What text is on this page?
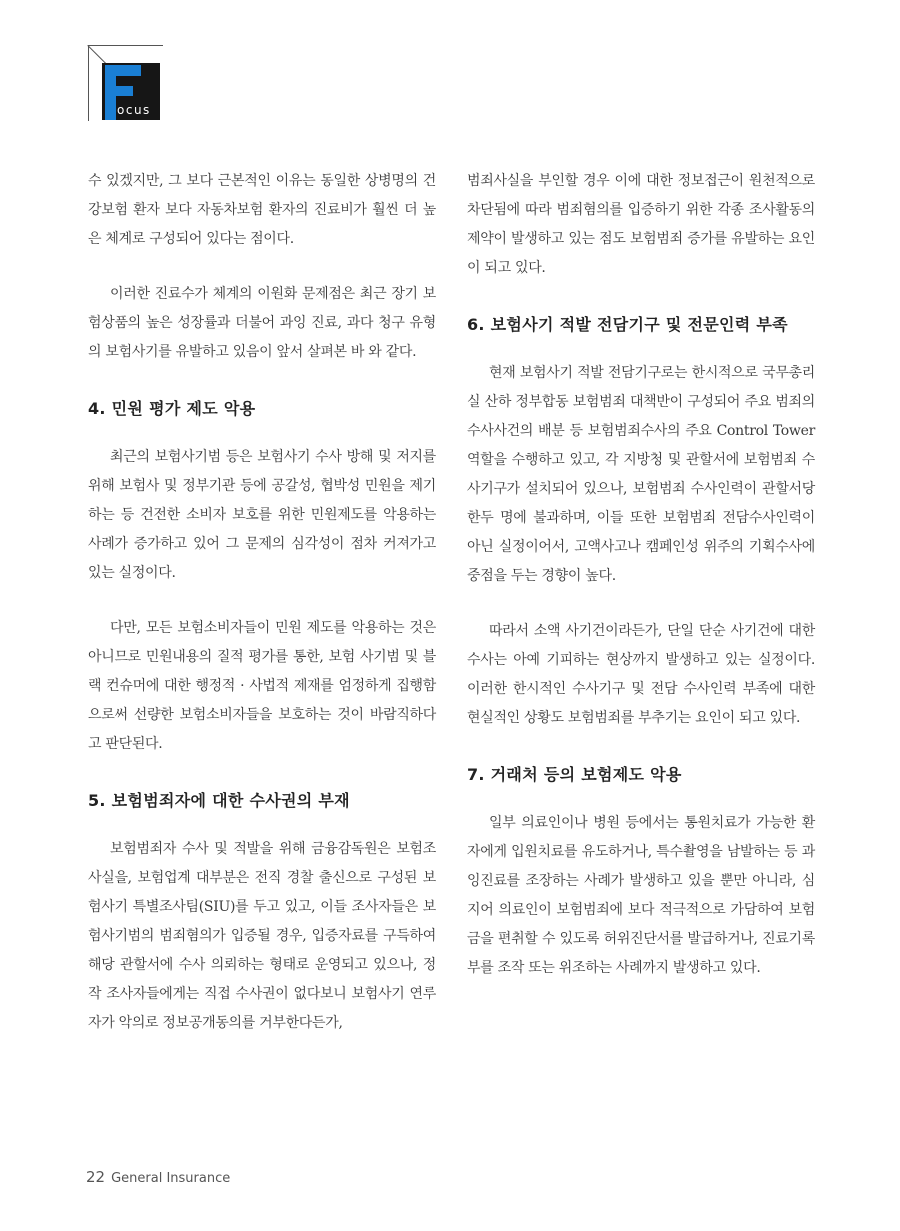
ocus

수 있겠지만, 그 보다 근본적인 이유는 동일한 상병명의 건강보험 환자 보다 자동차보험 환자의 진료비가 훨씬 더 높은 체계로 구성되어 있다는 점이다.

이러한 진료수가 체계의 이원화 문제점은 최근 장기 보험상품의 높은 성장률과 더불어 과잉 진료, 과다 청구 유형의 보험사기를 유발하고 있음이 앞서 살펴본 바 와 같다.

4. 민원 평가 제도 악용

최근의 보험사기범 등은 보험사기 수사 방해 및 저지를 위해 보험사 및 정부기관 등에 공갈성, 협박성 민원을 제기하는 등 건전한 소비자 보호를 위한 민원제도를 악용하는 사례가 증가하고 있어 그 문제의 심각성이 점차 커져가고 있는 실정이다.

다만, 모든 보험소비자들이 민원 제도를 악용하는 것은 아니므로 민원내용의 질적 평가를 통한, 보험 사기범 및 블랙 컨슈머에 대한 행정적 · 사법적 제재를 엄정하게 집행함으로써 선량한 보험소비자들을 보호하는 것이 바람직하다고 판단된다.

5. 보험범죄자에 대한 수사권의 부재

보험범죄자 수사 및 적발을 위해 금융감독원은 보험조사실을, 보험업계 대부분은 전직 경찰 출신으로 구성된 보험사기 특별조사팀(SIU)를 두고 있고, 이들 조사자들은 보험사기범의 범죄혐의가 입증될 경우, 입증자료를 구득하여 해당 관할서에 수사 의뢰하는 형태로 운영되고 있으나, 정작 조사자들에게는 직접 수사권이 없다보니 보험사기 연루자가 악의로 정보공개동의를 거부한다든가,

범죄사실을 부인할 경우 이에 대한 정보접근이 원천적으로 차단됨에 따라 범죄혐의를 입증하기 위한 각종 조사활동의 제약이 발생하고 있는 점도 보험범죄 증가를 유발하는 요인이 되고 있다.

6. 보험사기 적발 전담기구 및 전문인력 부족

현재 보험사기 적발 전담기구로는 한시적으로 국무총리실 산하 정부합동 보험범죄 대책반이 구성되어 주요 범죄의 수사사건의 배분 등 보험범죄수사의 주요 Control Tower 역할을 수행하고 있고, 각 지방청 및 관할서에 보험범죄 수사기구가 설치되어 있으나, 보험범죄 수사인력이 관할서당 한두 명에 불과하며, 이들 또한 보험범죄 전담수사인력이 아닌 실정이어서, 고액사고나 캠페인성 위주의 기획수사에 중점을 두는 경향이 높다.

따라서 소액 사기건이라든가, 단일 단순 사기건에 대한 수사는 아예 기피하는 현상까지 발생하고 있는 실정이다. 이러한 한시적인 수사기구 및 전담 수사인력 부족에 대한 현실적인 상황도 보험범죄를 부추기는 요인이 되고 있다.

7. 거래처 등의 보험제도 악용

일부 의료인이나 병원 등에서는 통원치료가 가능한 환자에게 입원치료를 유도하거나, 특수촬영을 남발하는 등 과잉진료를 조장하는 사례가 발생하고 있을 뿐만 아니라, 심지어 의료인이 보험범죄에 보다 적극적으로 가담하여 보험금을 편취할 수 있도록 허위진단서를 발급하거나, 진료기록부를 조작 또는 위조하는 사례까지 발생하고 있다.

22 General Insurance
